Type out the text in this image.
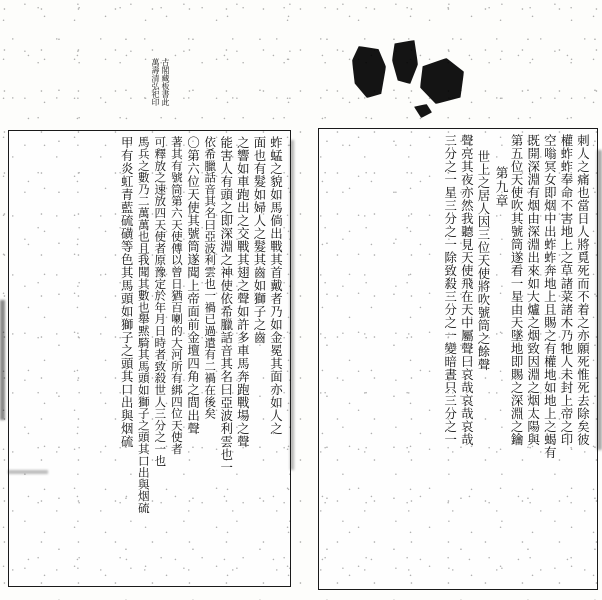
古閣藏板書此
萬壽清弘祀印
蚱蜢之貌如馬倘出戰其首戴者乃如金冕其面亦如人之
面也有髮如婦人之髮其齒如獅子之齒
之響如車跑出之交戰其翅之聲如許多車馬奔跑戰場之聲
能害人有頭之即深淵之神使依希臘話音其名曰亞波利雲也一
依希臘話音其名曰亞波利雲也一禍已過遣有二禍在後矣
〇第六位天使其號筒遂聞上帝面前金壇四角之間出聲
著其有號筒第六天使傅以曾日猶百喇的大河所有綁四位天使者
可釋放之速放四天使者原豫定於年月日時者致殺世人三分之一也
馬兵之數乃二萬萬也且我聞其數也舉黙騎其馬頭如獅子之頭其口出與烟硫
甲有炎虹青藍硫磺等色其馬頭如獅子之頭其口出與烟硫	刺人之痛也當日人將覓死而不着之亦願死惟死去除矣彼
權蚱蚱奉命不害地上之草諸菜諸木乃牠人未封上帝之印
空嗡冥女即烟中出蚱蚱奔地上且賜之有權地如地上之蝎有
既開深淵有烟由深淵出來如大爐之烟致因淵之烟太陽與
第五位天使吹其號筒遂看一星由天墜地即賜之深淵之鑰
第九章
世上之居人因三位天使將吹號筒之餘聲
聲亮其夜亦然我聽見天使飛在天中屬聲曰哀哉哀哉哀哉
三分之一星三分之一除致殺三分之一變暗晝只三分之一
